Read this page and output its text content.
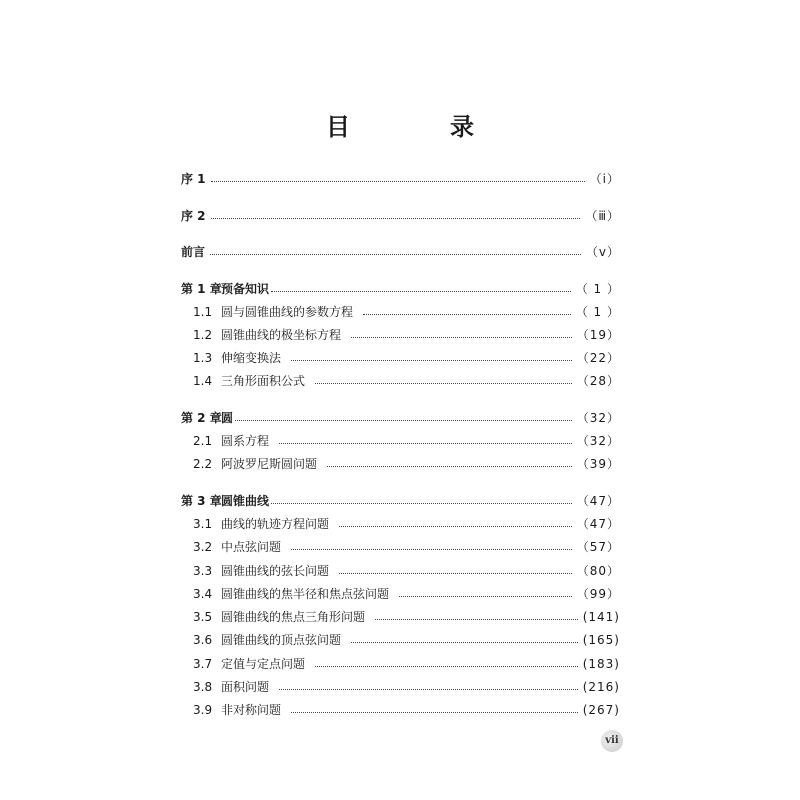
目　录
序 1	（ⅰ）
序 2	（ⅲ）
前言	（ⅴ）
第 1 章 预备知识	（ 1 ）
1.1 圆与圆锥曲线的参数方程	（ 1 ）
1.2 圆锥曲线的极坐标方程	（19）
1.3 伸缩变换法	（22）
1.4 三角形面积公式	（28）
第 2 章 圆	（32）
2.1 圆系方程	（32）
2.2 阿波罗尼斯圆问题	（39）
第 3 章 圆锥曲线	（47）
3.1 曲线的轨迹方程问题	（47）
3.2 中点弦问题	（57）
3.3 圆锥曲线的弦长问题	（80）
3.4 圆锥曲线的焦半径和焦点弦问题	（99）
3.5 圆锥曲线的焦点三角形问题	(141)
3.6 圆锥曲线的顶点弦问题	(165)
3.7 定值与定点问题	(183)
3.8 面积问题	(216)
3.9 非对称问题	(267)
ⅶ
